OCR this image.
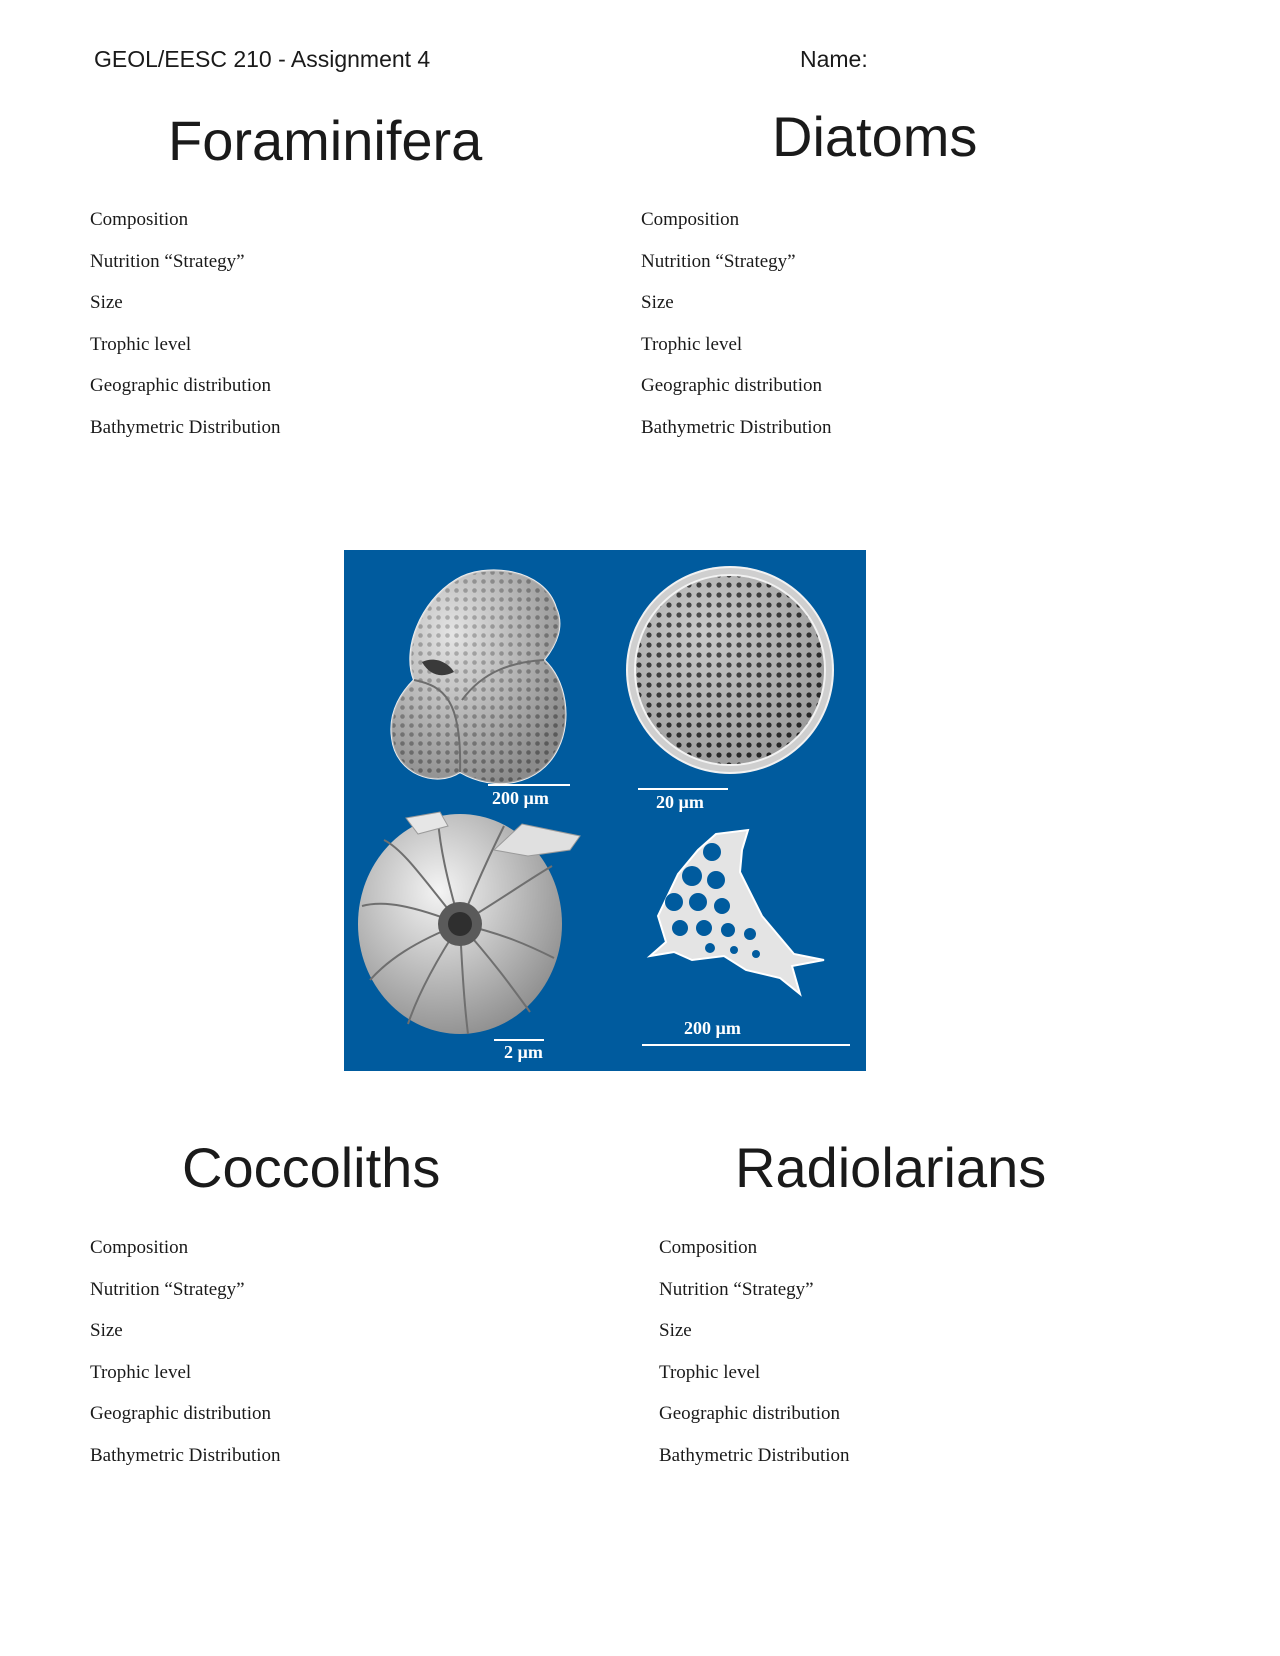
GEOL/EESC 210 - Assignment 4	Name:
Foraminifera
Composition
Nutrition “Strategy”
Size
Trophic level
Geographic distribution
Bathymetric Distribution
Diatoms
Composition
Nutrition “Strategy”
Size
Trophic level
Geographic distribution
Bathymetric Distribution
200 µm	20 µm
2 µm
200 µm
Coccoliths
Composition
Nutrition “Strategy”
Size
Trophic level
Geographic distribution
Bathymetric Distribution
Radiolarians
Composition
Nutrition “Strategy”
Size
Trophic level
Geographic distribution
Bathymetric Distribution
